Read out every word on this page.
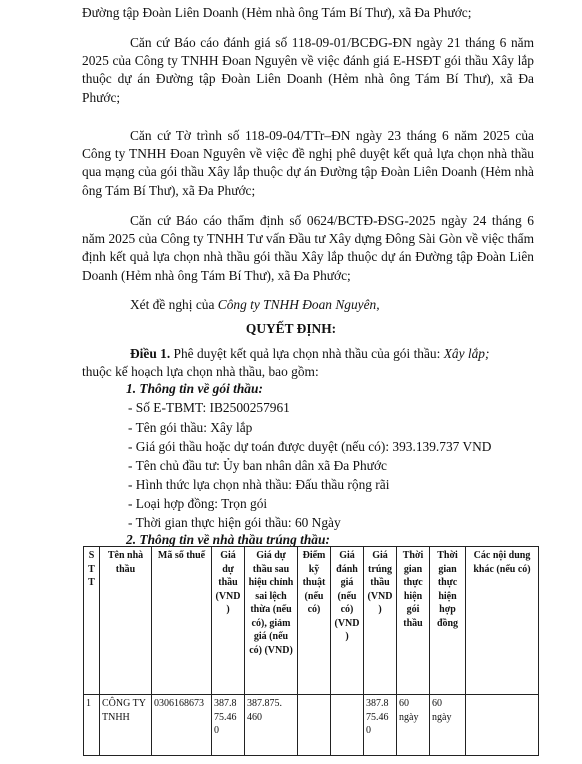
Đường tập Đoàn Liên Doanh (Hẻm nhà ông Tám Bí Thư), xã Đa Phước;
Căn cứ Báo cáo đánh giá số 118-09-01/BCĐG-ĐN ngày 21 tháng 6 năm 2025 của Công ty TNHH Đoan Nguyên về việc đánh giá E-HSĐT gói thầu Xây lắp thuộc dự án Đường tập Đoàn Liên Doanh (Hẻm nhà ông Tám Bí Thư), xã Đa Phước;
Căn cứ Tờ trình số 118-09-04/TTr–ĐN ngày 23 tháng 6 năm 2025 của Công ty TNHH Đoan Nguyên về việc đề nghị phê duyệt kết quả lựa chọn nhà thầu qua mạng của gói thầu Xây lắp thuộc dự án Đường tập Đoàn Liên Doanh (Hẻm nhà ông Tám Bí Thư), xã Đa Phước;
Căn cứ Báo cáo thẩm định số 0624/BCTĐ-ĐSG-2025 ngày 24 tháng 6 năm 2025 của Công ty TNHH Tư vấn Đầu tư Xây dựng Đông Sài Gòn về việc thẩm định kết quả lựa chọn nhà thầu gói thầu Xây lắp thuộc dự án Đường tập Đoàn Liên Doanh (Hẻm nhà ông Tám Bí Thư), xã Đa Phước;
Xét đề nghị của Công ty TNHH Đoan Nguyên,
QUYẾT ĐỊNH:
Điều 1. Phê duyệt kết quả lựa chọn nhà thầu của gói thầu: Xây lắp;
thuộc kế hoạch lựa chọn nhà thầu, bao gồm:
1. Thông tin về gói thầu:
- Số E-TBMT: IB2500257961
- Tên gói thầu: Xây lắp
- Giá gói thầu hoặc dự toán được duyệt (nếu có): 393.139.737 VND
- Tên chủ đầu tư: Ủy ban nhân dân xã Đa Phước
- Hình thức lựa chọn nhà thầu: Đấu thầu rộng rãi
- Loại hợp đồng: Trọn gói
- Thời gian thực hiện gói thầu: 60 Ngày
2. Thông tin về nhà thầu trúng thầu:
S T T	Tên nhà thầu	Mã số thuế	Giá dự thầu (VND )	Giá dự thầu sau hiệu chỉnh sai lệch thừa (nếu có), giảm giá (nếu có) (VND)	Điểm kỹ thuật (nếu có)	Giá đánh giá (nếu có) (VND )	Giá trúng thầu (VND )	Thời gian thực hiện gói thầu	Thời gian thực hiện hợp đồng	Các nội dung khác (nếu có)
1	CÔNG TY TNHH	0306168673	387.8 75.46 0	387.875. 460			387.8 75.46 0	60 ngày	60 ngày	
